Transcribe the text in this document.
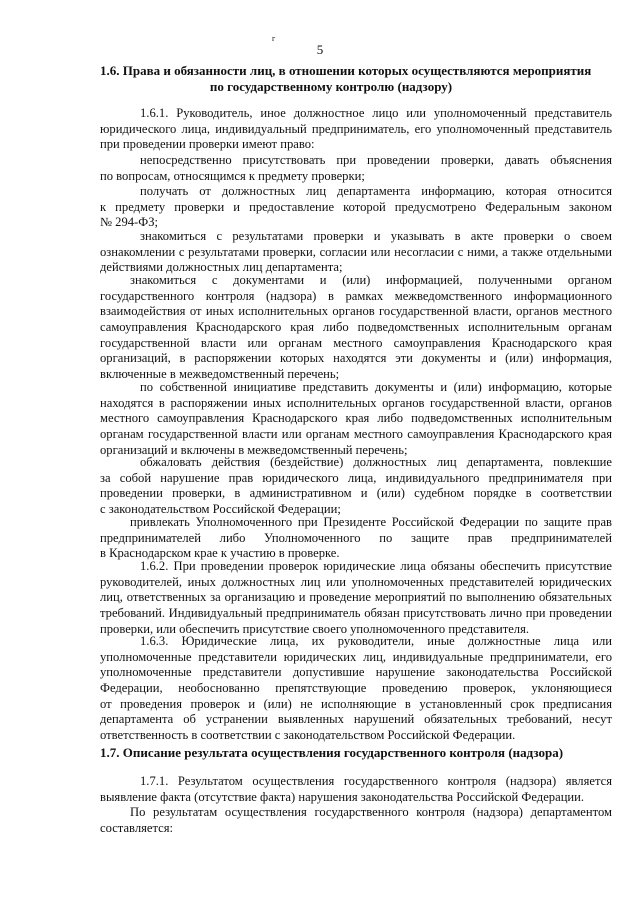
г
5
1.6. Права и обязанности лиц, в отношении которых осуществляются мероприятия
по государственному контролю (надзору)
1.6.1. Руководитель, иное должностное лицо или уполномоченный представитель
юридического лица, индивидуальный предприниматель, его уполномоченный представитель
при проведении проверки имеют право:
непосредственно присутствовать при проведении проверки, давать объяснения
по вопросам, относящимся к предмету проверки;
получать от должностных лиц департамента информацию, которая относится
к предмету проверки и предоставление которой предусмотрено Федеральным законом
№ 294-ФЗ;
знакомиться с результатами проверки и указывать в акте проверки о своем
ознакомлении с результатами проверки, согласии или несогласии с ними, а также отдельными
действиями должностных лиц департамента;
знакомиться с документами и (или) информацией, полученными органом
государственного контроля (надзора) в рамках межведомственного информационного
взаимодействия от иных исполнительных органов государственной власти, органов местного
самоуправления Краснодарского края либо подведомственных исполнительным органам
государственной власти или органам местного самоуправления Краснодарского края
организаций, в распоряжении которых находятся эти документы и (или) информация,
включенные в межведомственный перечень;
по собственной инициативе представить документы и (или) информацию, которые
находятся в распоряжении иных исполнительных органов государственной власти, органов
местного самоуправления Краснодарского края либо подведомственных исполнительным
органам государственной власти или органам местного самоуправления Краснодарского края
организаций и включены в межведомственный перечень;
обжаловать действия (бездействие) должностных лиц департамента, повлекшие
за собой нарушение прав юридического лица, индивидуального предпринимателя при
проведении проверки, в административном и (или) судебном порядке в соответствии
с законодательством Российской Федерации;
привлекать Уполномоченного при Президенте Российской Федерации по защите прав
предпринимателей либо Уполномоченного по защите прав предпринимателей
в Краснодарском крае к участию в проверке.
1.6.2. При проведении проверок юридические лица обязаны обеспечить присутствие
руководителей, иных должностных лиц или уполномоченных представителей юридических
лиц, ответственных за организацию и проведение мероприятий по выполнению обязательных
требований. Индивидуальный предприниматель обязан присутствовать лично при проведении
проверки, или обеспечить присутствие своего уполномоченного представителя.
1.6.3. Юридические лица, их руководители, иные должностные лица или
уполномоченные представители юридических лиц, индивидуальные предприниматели, его
уполномоченные представители допустившие нарушение законодательства Российской
Федерации, необоснованно препятствующие проведению проверок, уклоняющиеся
от проведения проверок и (или) не исполняющие в установленный срок предписания
департамента об устранении выявленных нарушений обязательных требований, несут
ответственность в соответствии с законодательством Российской Федерации.
1.7. Описание результата осуществления государственного контроля (надзора)
1.7.1. Результатом осуществления государственного контроля (надзора) является
выявление факта (отсутствие факта) нарушения законодательства Российской Федерации.
По результатам осуществления государственного контроля (надзора) департаментом
составляется:
